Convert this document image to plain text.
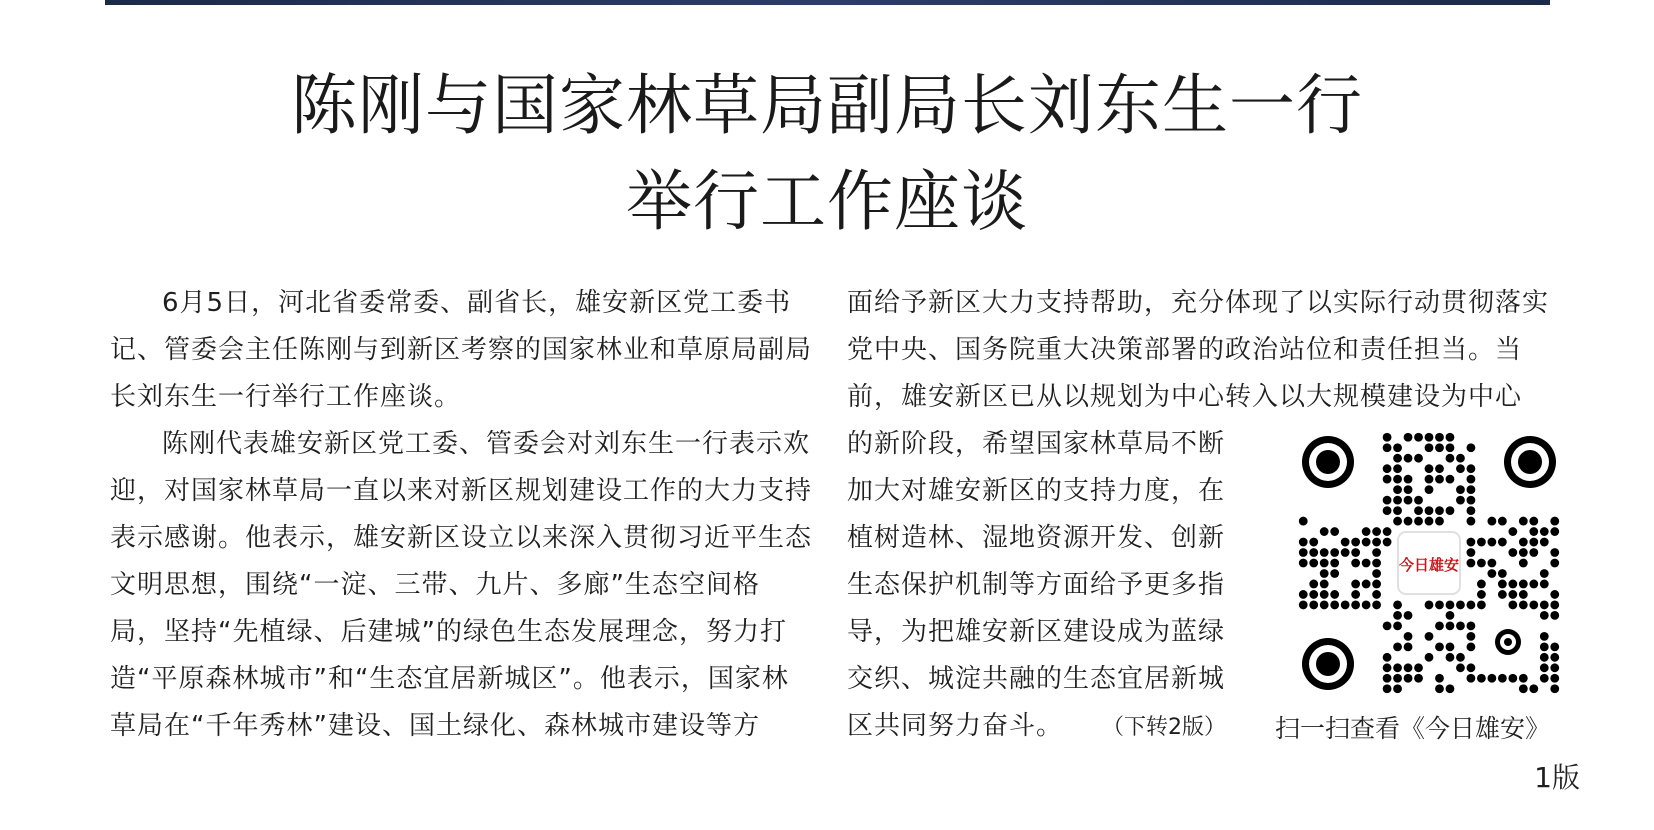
陈刚与国家林草局副局长刘东生一行
举行工作座谈

6月5日，河北省委常委、副省长，雄安新区党工委书记、管委会主任陈刚与到新区考察的国家林业和草原局副局长刘东生一行举行工作座谈。

陈刚代表雄安新区党工委、管委会对刘东生一行表示欢迎，对国家林草局一直以来对新区规划建设工作的大力支持表示感谢。他表示，雄安新区设立以来深入贯彻习近平生态文明思想，围绕“一淀、三带、九片、多廊”生态空间格局，坚持“先植绿、后建城”的绿色生态发展理念，努力打造“平原森林城市”和“生态宜居新城区”。他表示，国家林草局在“千年秀林”建设、国土绿化、森林城市建设等方

面给予新区大力支持帮助，充分体现了以实际行动贯彻落实党中央、国务院重大决策部署的政治站位和责任担当。当前，雄安新区已从以规划为中心转入以大规模建设为中心
的新阶段，希望国家林草局不断加大对雄安新区的支持力度，在植树造林、湿地资源开发、创新生态保护机制等方面给予更多指导，为把雄安新区建设成为蓝绿交织、城淀共融的生态宜居新城区共同努力奋斗。 （下转2版）
今日雄安
扫一扫查看《今日雄安》
1版
